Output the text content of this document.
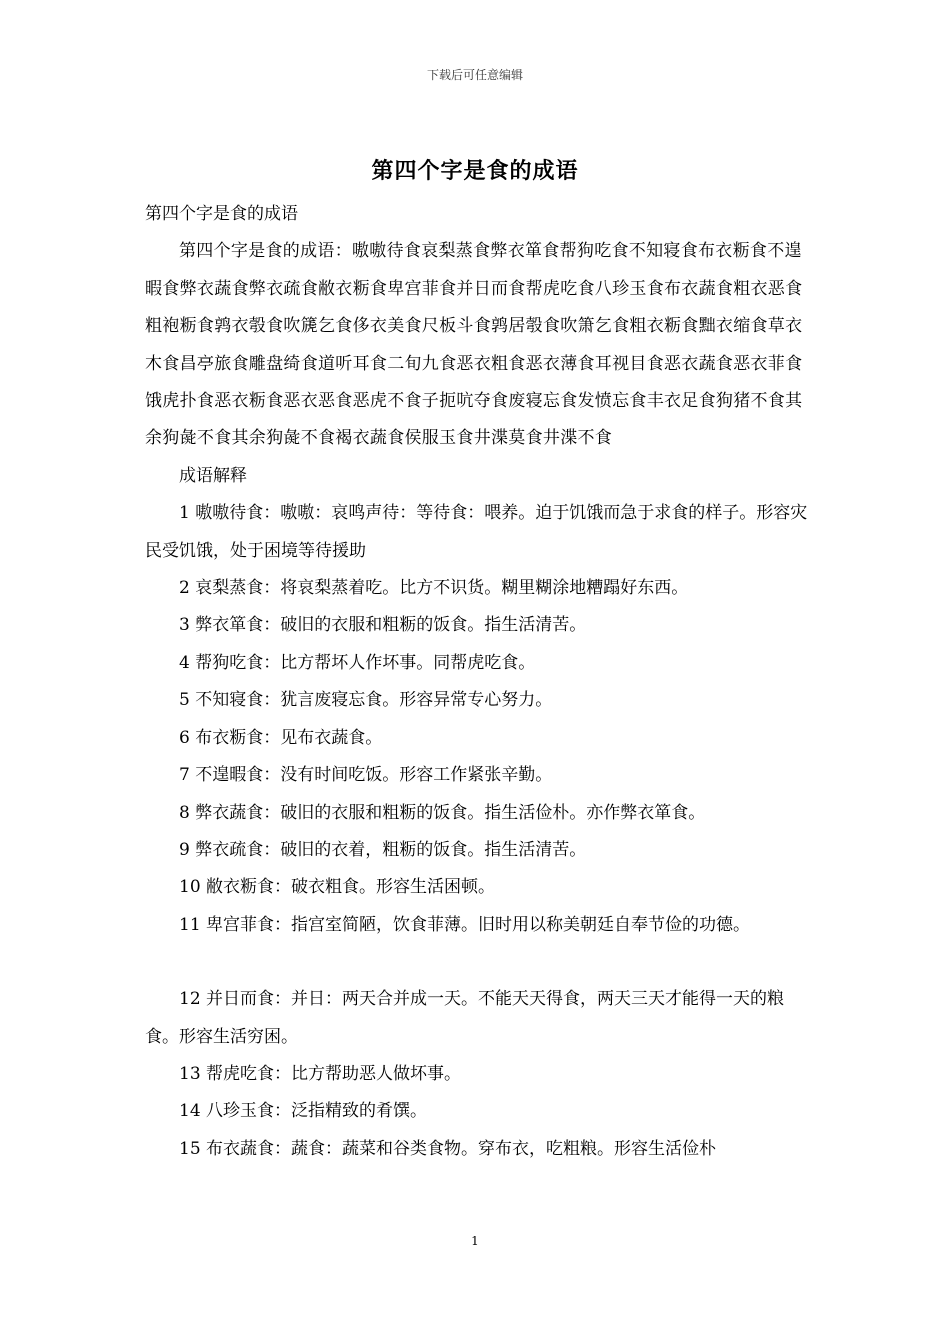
下载后可任意编辑
第四个字是食的成语

第四个字是食的成语

第四个字是食的成语：嗷嗷待食哀梨蒸食弊衣箪食帮狗吃食不知寝食布衣粝食不遑暇食弊衣蔬食弊衣疏食敝衣粝食卑宫菲食并日而食帮虎吃食八珍玉食布衣蔬食粗衣恶食粗袍粝食鹑衣彀食吹篪乞食侈衣美食尺板斗食鹑居彀食吹箫乞食粗衣粝食黜衣缩食草衣木食昌亭旅食雕盘绮食道听耳食二旬九食恶衣粗食恶衣薄食耳视目食恶衣蔬食恶衣菲食饿虎扑食恶衣粝食恶衣恶食恶虎不食子扼吭夺食废寝忘食发愤忘食丰衣足食狗猪不食其余狗彘不食其余狗彘不食褐衣蔬食侯服玉食井渫莫食井渫不食

成语解释

1 嗷嗷待食：嗷嗷：哀鸣声待：等待食：喂养。迫于饥饿而急于求食的样子。形容灾民受饥饿，处于困境等待援助

2 哀梨蒸食：将哀梨蒸着吃。比方不识货。糊里糊涂地糟蹋好东西。

3 弊衣箪食：破旧的衣服和粗粝的饭食。指生活清苦。

4 帮狗吃食：比方帮坏人作坏事。同帮虎吃食。

5 不知寝食：犹言废寝忘食。形容异常专心努力。

6 布衣粝食：见布衣蔬食。

7 不遑暇食：没有时间吃饭。形容工作紧张辛勤。

8 弊衣蔬食：破旧的衣服和粗粝的饭食。指生活俭朴。亦作弊衣箪食。

9 弊衣疏食：破旧的衣着，粗粝的饭食。指生活清苦。

10 敝衣粝食：破衣粗食。形容生活困顿。

11 卑宫菲食：指宫室简陋，饮食菲薄。旧时用以称美朝廷自奉节俭的功德。

12 并日而食：并日：两天合并成一天。不能天天得食，两天三天才能得一天的粮食。形容生活穷困。

13 帮虎吃食：比方帮助恶人做坏事。

14 八珍玉食：泛指精致的肴馔。

15 布衣蔬食：蔬食：蔬菜和谷类食物。穿布衣，吃粗粮。形容生活俭朴

1
